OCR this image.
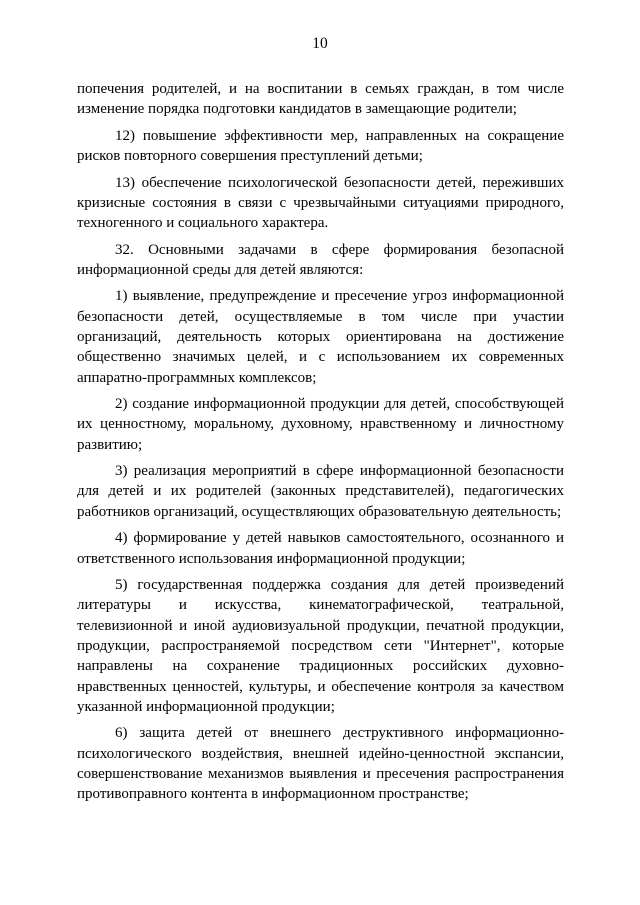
10

попечения родителей, и на воспитании в семьях граждан, в том числе изменение порядка подготовки кандидатов в замещающие родители;

12) повышение эффективности мер, направленных на сокращение рисков повторного совершения преступлений детьми;

13) обеспечение психологической безопасности детей, переживших кризисные состояния в связи с чрезвычайными ситуациями природного, техногенного и социального характера.

32. Основными задачами в сфере формирования безопасной информационной среды для детей являются:

1) выявление, предупреждение и пресечение угроз информационной безопасности детей, осуществляемые в том числе при участии организаций, деятельность которых ориентирована на достижение общественно значимых целей, и с использованием их современных аппаратно-программных комплексов;

2) создание информационной продукции для детей, способствующей их ценностному, моральному, духовному, нравственному и личностному развитию;

3) реализация мероприятий в сфере информационной безопасности для детей и их родителей (законных представителей), педагогических работников организаций, осуществляющих образовательную деятельность;

4) формирование у детей навыков самостоятельного, осознанного и ответственного использования информационной продукции;

5) государственная поддержка создания для детей произведений литературы и искусства, кинематографической, театральной, телевизионной и иной аудиовизуальной продукции, печатной продукции, продукции, распространяемой посредством сети "Интернет", которые направлены на сохранение традиционных российских духовно-нравственных ценностей, культуры, и обеспечение контроля за качеством указанной информационной продукции;

6) защита детей от внешнего деструктивного информационно-психологического воздействия, внешней идейно-ценностной экспансии, совершенствование механизмов выявления и пресечения распространения противоправного контента в информационном пространстве;
